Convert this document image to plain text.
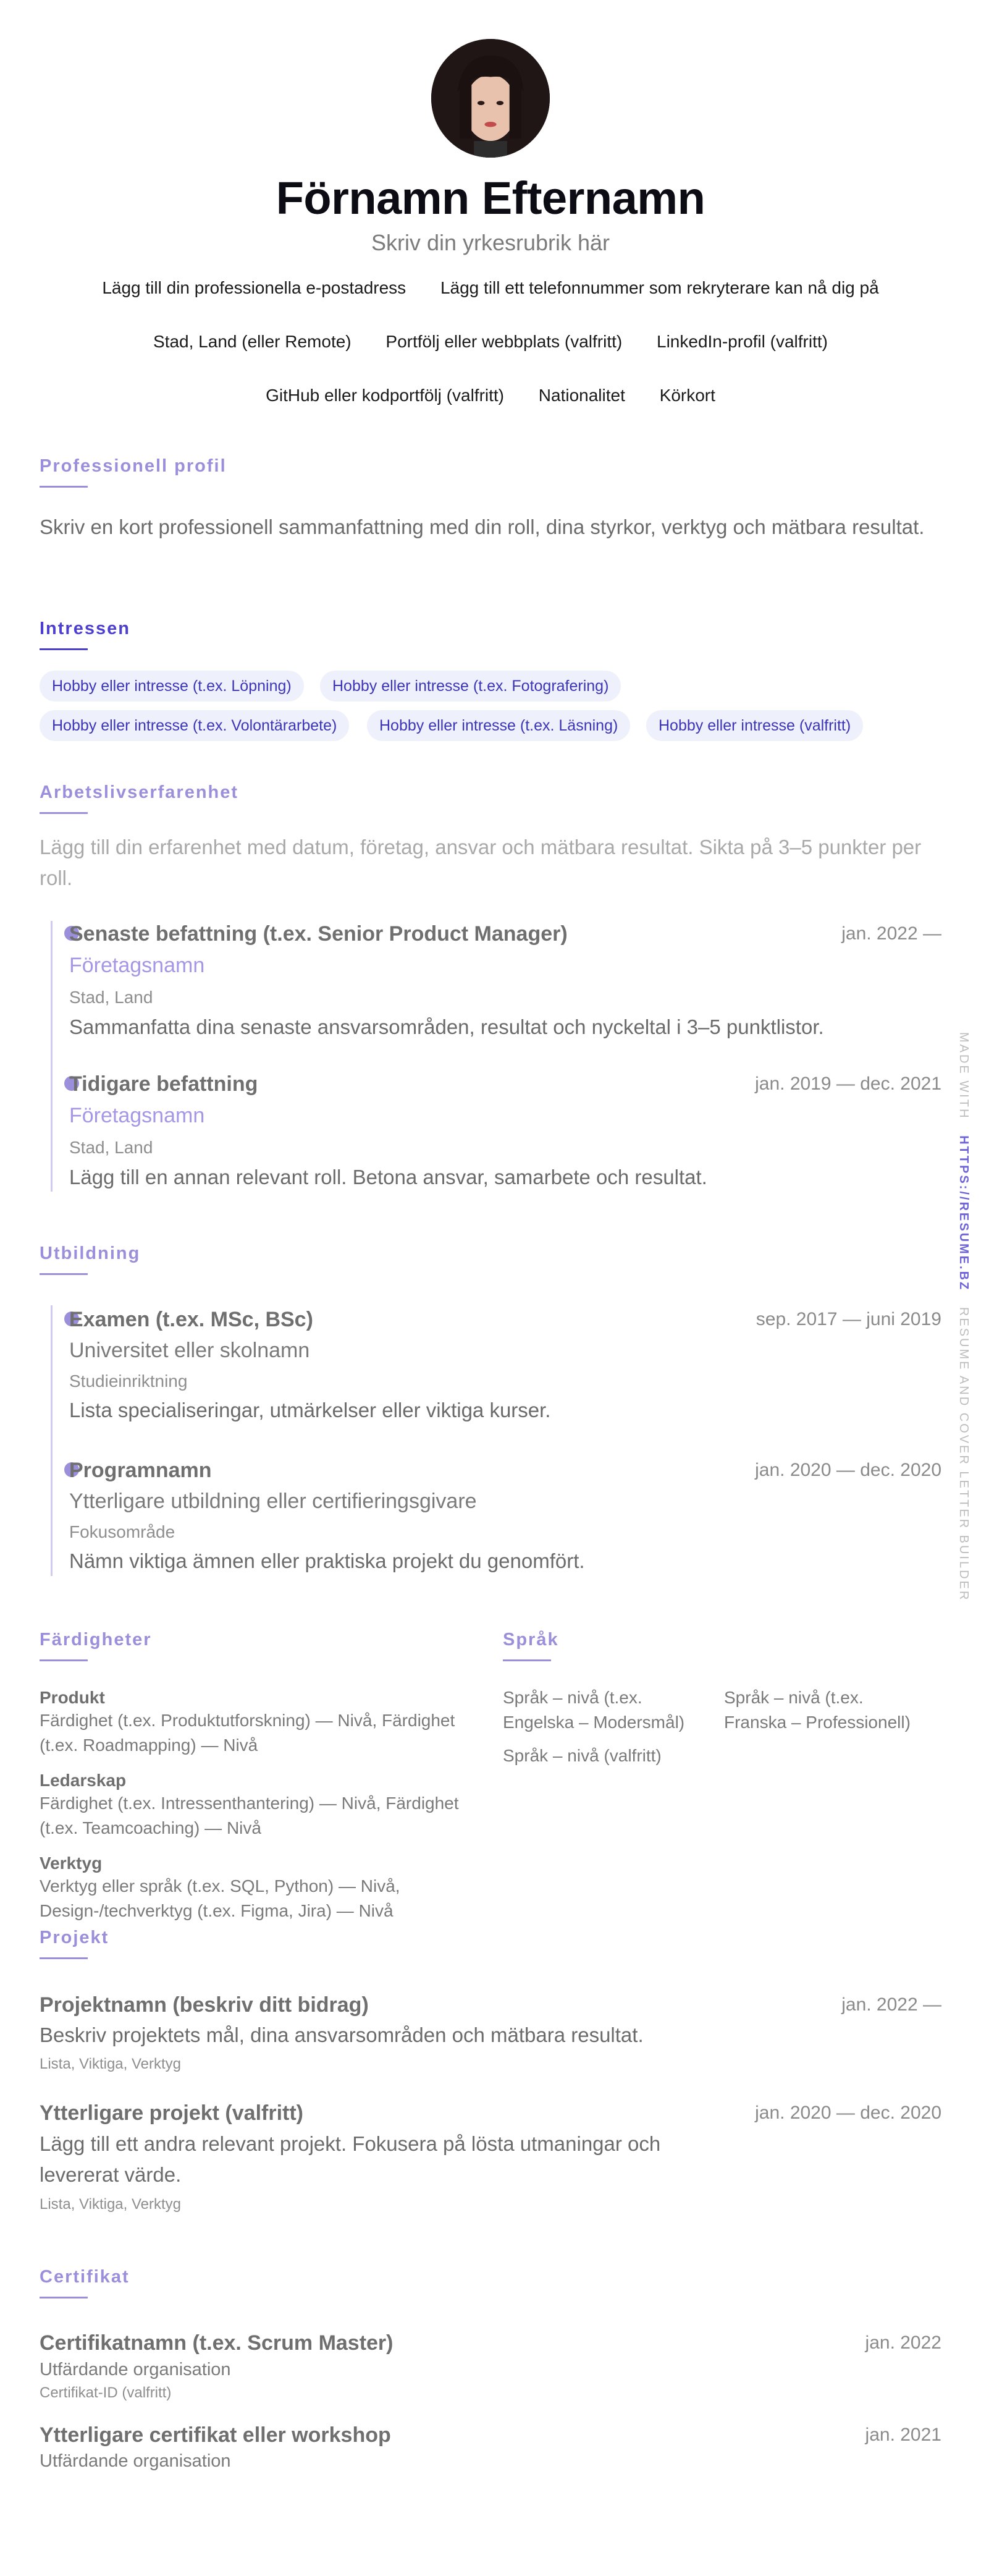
Förnamn Efternamn
Skriv din yrkesrubrik här
Lägg till din professionella e-postadress Lägg till ett telefonnummer som rekryterare kan nå dig på
Stad, Land (eller Remote) Portfölj eller webbplats (valfritt) LinkedIn-profil (valfritt)
GitHub eller kodportfölj (valfritt) Nationalitet Körkort
Professionell profil
Skriv en kort professionell sammanfattning med din roll, dina styrkor, verktyg och mätbara resultat.
Intressen
Hobby eller intresse (t.ex. Löpning)	Hobby eller intresse (t.ex. Fotografering)
Hobby eller intresse (t.ex. Volontärarbete)	Hobby eller intresse (t.ex. Läsning)	Hobby eller intresse (valfritt)
Arbetslivserfarenhet
Lägg till din erfarenhet med datum, företag, ansvar och mätbara resultat. Sikta på 3–5 punkter per roll.
Senaste befattning (t.ex. Senior Product Manager)	jan. 2022 —
Företagsnamn
Stad, Land
Sammanfatta dina senaste ansvarsområden, resultat och nyckeltal i 3–5 punktlistor.
Tidigare befattning	jan. 2019 — dec. 2021
Företagsnamn
Stad, Land
Lägg till en annan relevant roll. Betona ansvar, samarbete och resultat.
Utbildning
Examen (t.ex. MSc, BSc)	sep. 2017 — juni 2019
Universitet eller skolnamn
Studieinriktning
Lista specialiseringar, utmärkelser eller viktiga kurser.
Programnamn	jan. 2020 — dec. 2020
Ytterligare utbildning eller certifieringsgivare
Fokusområde
Nämn viktiga ämnen eller praktiska projekt du genomfört.
Färdigheter
Produkt
Färdighet (t.ex. Produktutforskning) — Nivå, Färdighet (t.ex. Roadmapping) — Nivå
Ledarskap
Färdighet (t.ex. Intressenthantering) — Nivå, Färdighet (t.ex. Teamcoaching) — Nivå
Verktyg
Verktyg eller språk (t.ex. SQL, Python) — Nivå, Design-/techverktyg (t.ex. Figma, Jira) — Nivå
Språk
Språk – nivå (t.ex. Engelska – Modersmål)
Språk – nivå (t.ex. Franska – Professionell)
Språk – nivå (valfritt)
Projekt
Projektnamn (beskriv ditt bidrag)	jan. 2022 —
Beskriv projektets mål, dina ansvarsområden och mätbara resultat.
Lista, Viktiga, Verktyg
Ytterligare projekt (valfritt)	jan. 2020 — dec. 2020
Lägg till ett andra relevant projekt. Fokusera på lösta utmaningar och levererat värde.
Lista, Viktiga, Verktyg
Certifikat
Certifikatnamn (t.ex. Scrum Master)	jan. 2022
Utfärdande organisation
Certifikat-ID (valfritt)
Ytterligare certifikat eller workshop	jan. 2021
Utfärdande organisation
MADE WITH   HTTPS://RESUME.BZ   RESUME AND COVER LETTER BUILDER
